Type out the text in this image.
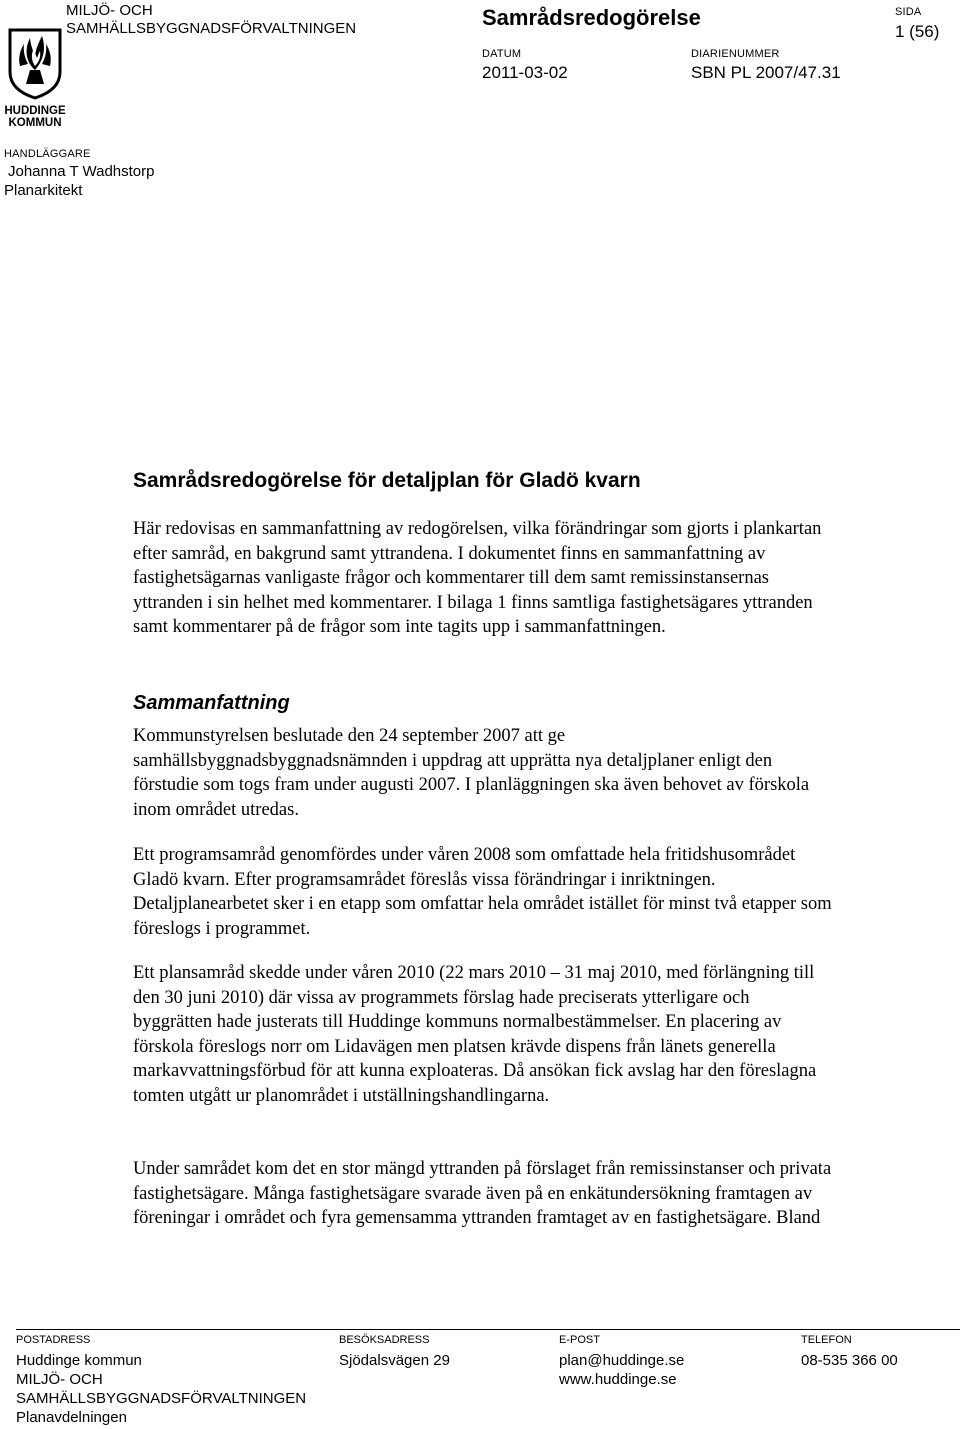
MILJÖ- OCH
SAMHÄLLSBYGGNADSFÖRVALTNINGEN	Samrådsredogörelse
DATUM
2011-03-02
DIARIENUMMER
SBN PL 2007/47.31
SIDA
1 (56)
HUDDINGE
KOMMUN
HANDLÄGGARE
Johanna T Wadhstorp
Planarkitekt
Samrådsredogörelse för detaljplan för Gladö kvarn

Här redovisas en sammanfattning av redogörelsen, vilka förändringar som gjorts i plankartan efter samråd, en bakgrund samt yttrandena. I dokumentet finns en sammanfattning av fastighetsägarnas vanligaste frågor och kommentarer till dem samt remissinstansernas yttranden i sin helhet med kommentarer. I bilaga 1 finns samtliga fastighetsägares yttranden samt kommentarer på de frågor som inte tagits upp i sammanfattningen.

Sammanfattning

Kommunstyrelsen beslutade den 24 september 2007 att ge samhällsbyggnadsbyggnadsnämnden i uppdrag att upprätta nya detaljplaner enligt den förstudie som togs fram under augusti 2007. I planläggningen ska även behovet av förskola inom området utredas.

Ett programsamråd genomfördes under våren 2008 som omfattade hela fritidshusområdet Gladö kvarn. Efter programsamrådet föreslås vissa förändringar i inriktningen. Detaljplanearbetet sker i en etapp som omfattar hela området istället för minst två etapper som föreslogs i programmet.

Ett plansamråd skedde under våren 2010 (22 mars 2010 – 31 maj 2010, med förlängning till den 30 juni 2010) där vissa av programmets förslag hade preciserats ytterligare och byggrätten hade justerats till Huddinge kommuns normalbestämmelser. En placering av förskola föreslogs norr om Lidavägen men platsen krävde dispens från länets generella markavvattningsförbud för att kunna exploateras. Då ansökan fick avslag har den föreslagna tomten utgått ur planområdet i utställningshandlingarna.

Under samrådet kom det en stor mängd yttranden på förslaget från remissinstanser och privata fastighetsägare. Många fastighetsägare svarade även på en enkätundersökning framtagen av föreningar i området och fyra gemensamma yttranden framtaget av en fastighetsägare. Bland

POSTADRESS
Huddinge kommun
MILJÖ- OCH
SAMHÄLLSBYGGNADSFÖRVALTNINGEN
Planavdelningen
BESÖKSADRESS
Sjödalsvägen 29
E-POST
plan@huddinge.se
www.huddinge.se
TELEFON
08-535 366 00
